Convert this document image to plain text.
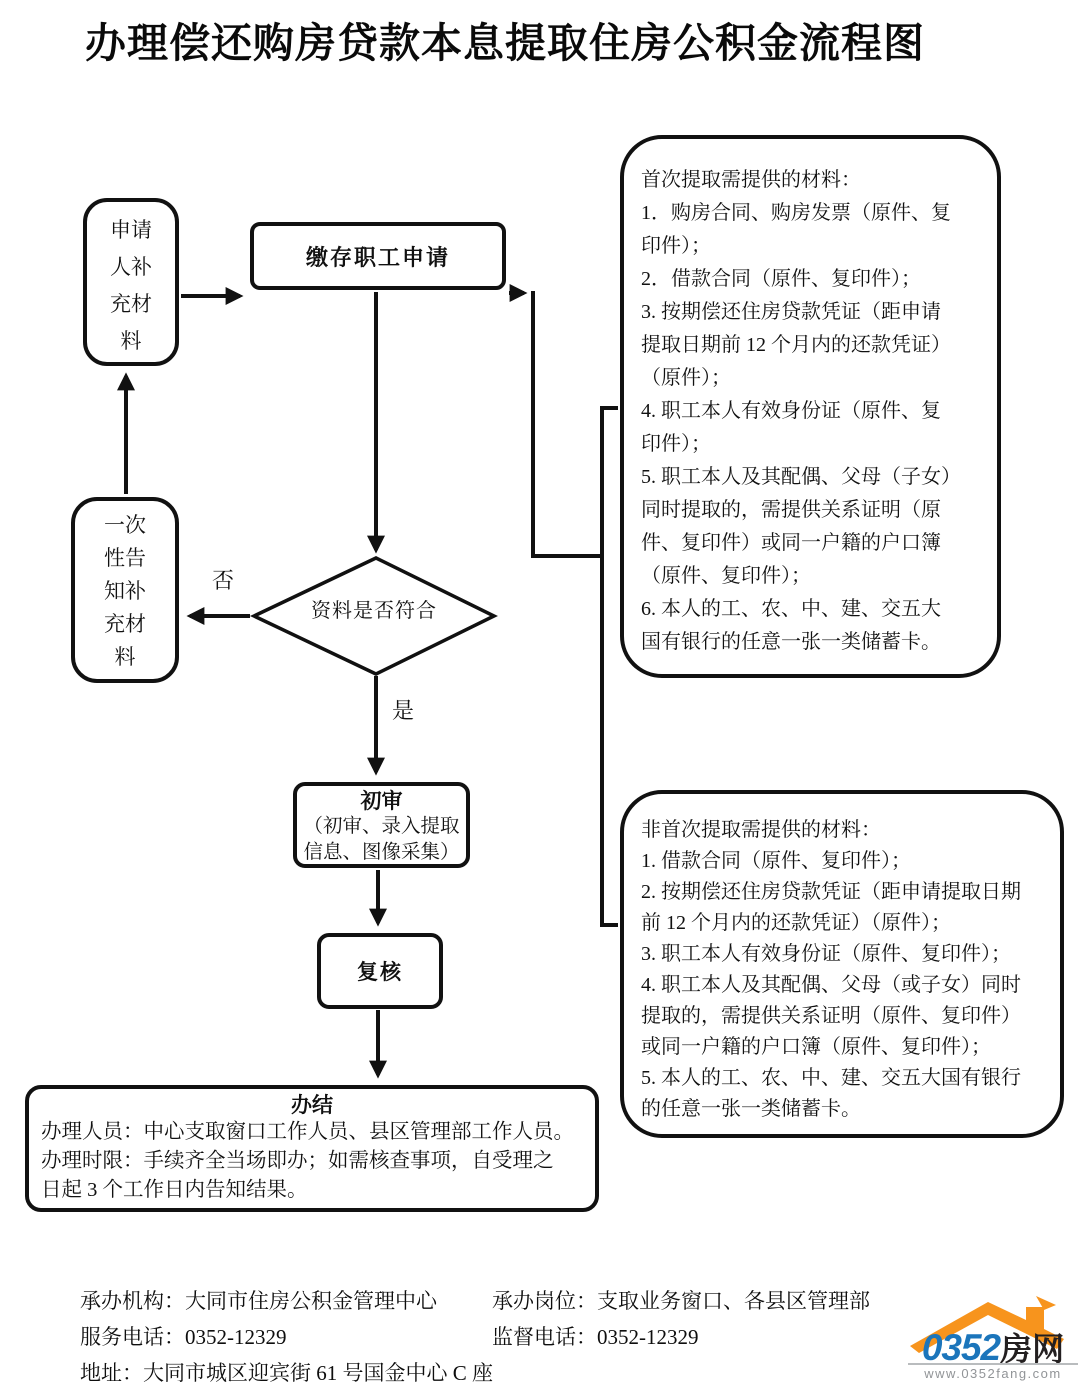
办理偿还购房贷款本息提取住房公积金流程图
申请
人补
充材
料
缴存职工申请
一次
性告
知补
充材
料
资料是否符合
否
是
初审
（初审、录入提取
信息、图像采集）
复核
办结
办理人员：中心支取窗口工作人员、县区管理部工作人员。
办理时限：手续齐全当场即办；如需核查事项，自受理之
日起 3 个工作日内告知结果。
首次提取需提供的材料：
1．购房合同、购房发票（原件、复
印件）；
2．借款合同（原件、复印件）；
3. 按期偿还住房贷款凭证（距申请
提取日期前 12 个月内的还款凭证）
（原件）；
4. 职工本人有效身份证（原件、复
印件）；
5. 职工本人及其配偶、父母（子女）
同时提取的，需提供关系证明（原
件、复印件）或同一户籍的户口簿
（原件、复印件）；
6. 本人的工、农、中、建、交五大
国有银行的任意一张一类储蓄卡。
非首次提取需提供的材料：
1. 借款合同（原件、复印件）；
2. 按期偿还住房贷款凭证（距申请提取日期
前 12 个月内的还款凭证）（原件）；
3. 职工本人有效身份证（原件、复印件）；
4. 职工本人及其配偶、父母（或子女）同时
提取的，需提供关系证明（原件、复印件）
或同一户籍的户口簿（原件、复印件）；
5. 本人的工、农、中、建、交五大国有银行
的任意一张一类储蓄卡。
承办机构：大同市住房公积金管理中心	承办岗位：支取业务窗口、各县区管理部
服务电话：0352-12329	监督电话：0352-12329
地址：大同市城区迎宾街 61 号国金中心 C 座
0352房网
www.0352fang.com
